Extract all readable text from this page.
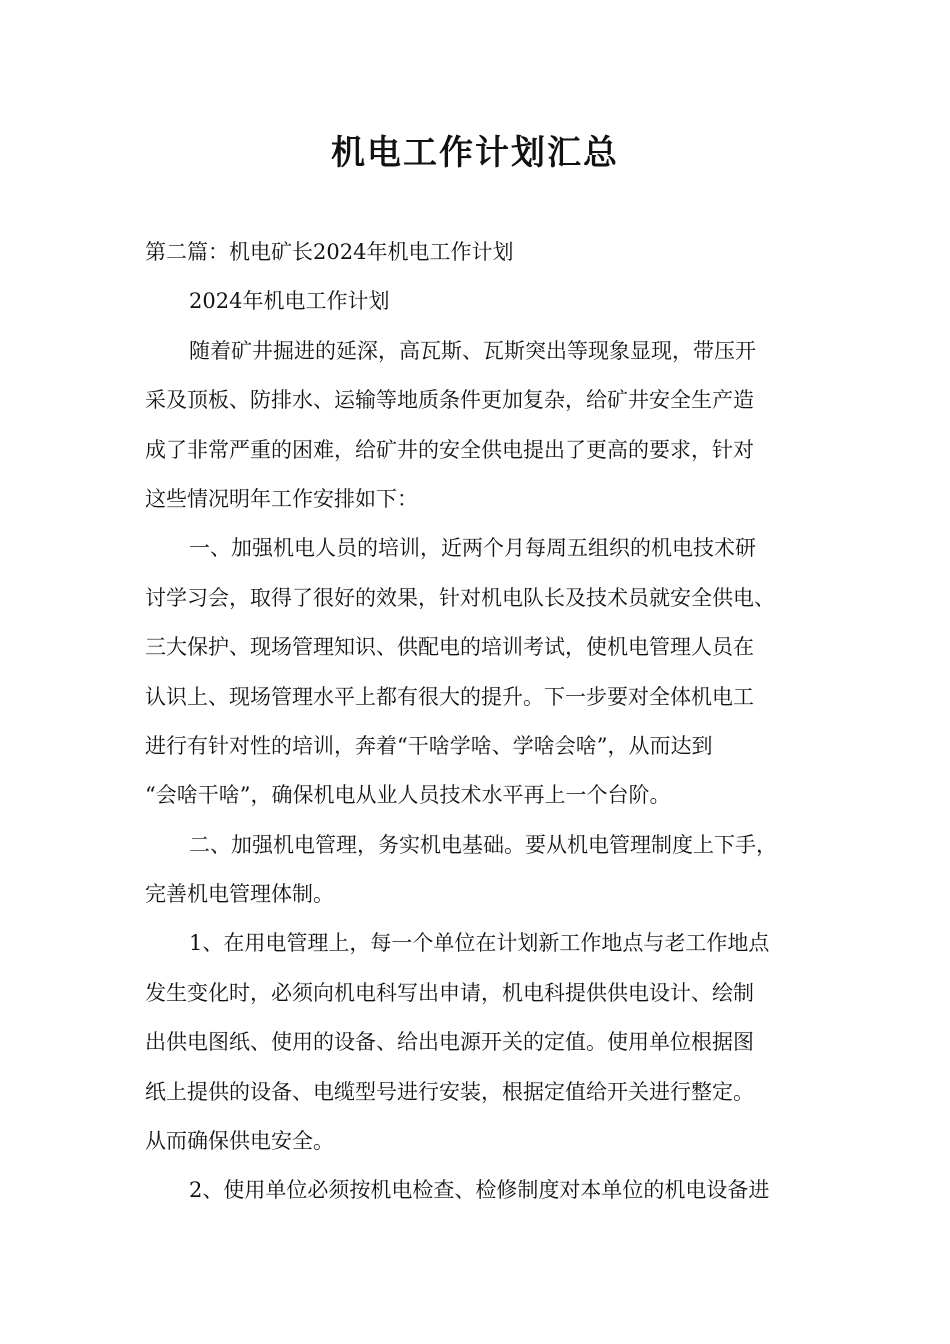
机电工作计划汇总
第二篇：机电矿长2024年机电工作计划
2024年机电工作计划
随着矿井掘进的延深，高瓦斯、瓦斯突出等现象显现，带压开
采及顶板、防排水、运输等地质条件更加复杂，给矿井安全生产造
成了非常严重的困难，给矿井的安全供电提出了更高的要求，针对
这些情况明年工作安排如下：
一、加强机电人员的培训，近两个月每周五组织的机电技术研
讨学习会，取得了很好的效果，针对机电队长及技术员就安全供电、
三大保护、现场管理知识、供配电的培训考试，使机电管理人员在
认识上、现场管理水平上都有很大的提升。下一步要对全体机电工
进行有针对性的培训，奔着“干啥学啥、学啥会啥”，从而达到
“会啥干啥”，确保机电从业人员技术水平再上一个台阶。
二、加强机电管理，务实机电基础。要从机电管理制度上下手，
完善机电管理体制。
1、在用电管理上，每一个单位在计划新工作地点与老工作地点
发生变化时，必须向机电科写出申请，机电科提供供电设计、绘制
出供电图纸、使用的设备、给出电源开关的定值。使用单位根据图
纸上提供的设备、电缆型号进行安装，根据定值给开关进行整定。
从而确保供电安全。
2、使用单位必须按机电检查、检修制度对本单位的机电设备进
